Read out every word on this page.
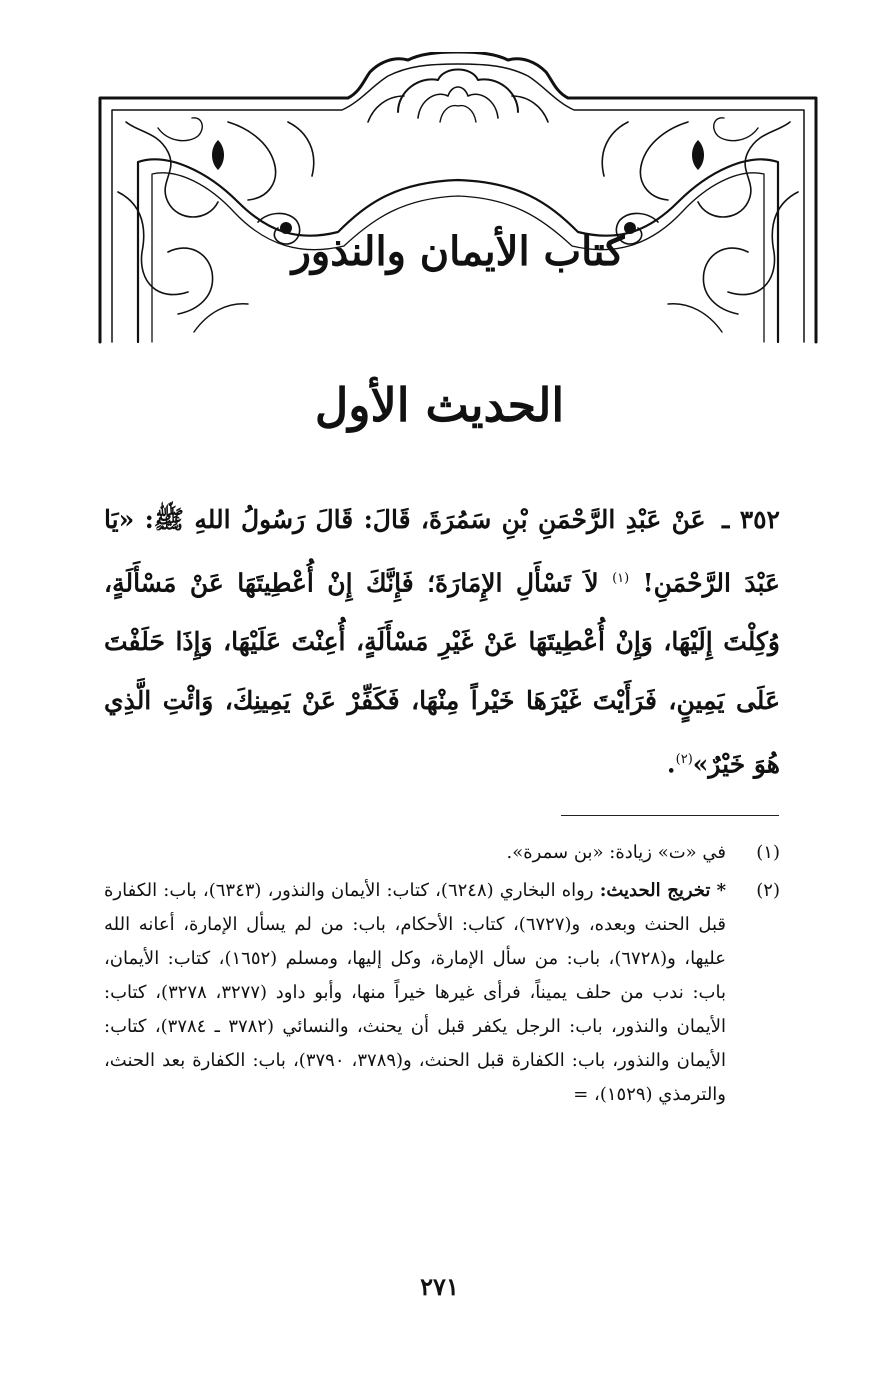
كتاب الأيمان والنذور
الحديث الأول
٣٥٢ ـ عَنْ عَبْدِ الرَّحْمَنِ بْنِ سَمُرَةَ، قَالَ: قَالَ رَسُولُ اللهِ ﷺ: «يَا عَبْدَ الرَّحْمَنِ! $^{(١)}$ لاَ تَسْأَلِ الإِمَارَةَ؛ فَإِنَّكَ إِنْ أُعْطِيتَهَا عَنْ مَسْأَلَةٍ، وُكِلْتَ إِلَيْهَا، وَإِنْ أُعْطِيتَهَا عَنْ غَيْرِ مَسْأَلَةٍ، أُعِنْتَ عَلَيْهَا، وَإِذَا حَلَفْتَ عَلَى يَمِينٍ، فَرَأَيْتَ غَيْرَهَا خَيْراً مِنْهَا، فَكَفِّرْ عَنْ يَمِينِكَ، وَائْتِ الَّذِي هُوَ خَيْرٌ»$^{(٢)}$.
(١)
في «ت» زيادة: «بن سمرة».
(٢)
* تخريج الحديث: رواه البخاري (٦٢٤٨)، كتاب: الأيمان والنذور، (٦٣٤٣)، باب: الكفارة قبل الحنث وبعده، و(٦٧٢٧)، كتاب: الأحكام، باب: من لم يسأل الإمارة، أعانه الله عليها، و(٦٧٢٨)، باب: من سأل الإمارة، وكل إليها، ومسلم (١٦٥٢)، كتاب: الأيمان، باب: ندب من حلف يميناً، فرأى غيرها خيراً منها، وأبو داود (٣٢٧٧، ٣٢٧٨)، كتاب: الأيمان والنذور، باب: الرجل يكفر قبل أن يحنث، والنسائي (٣٧٨٢ ـ ٣٧٨٤)، كتاب: الأيمان والنذور، باب: الكفارة قبل الحنث، و(٣٧٨٩، ٣٧٩٠)، باب: الكفارة بعد الحنث، والترمذي (١٥٢٩)، =
٢٧١
